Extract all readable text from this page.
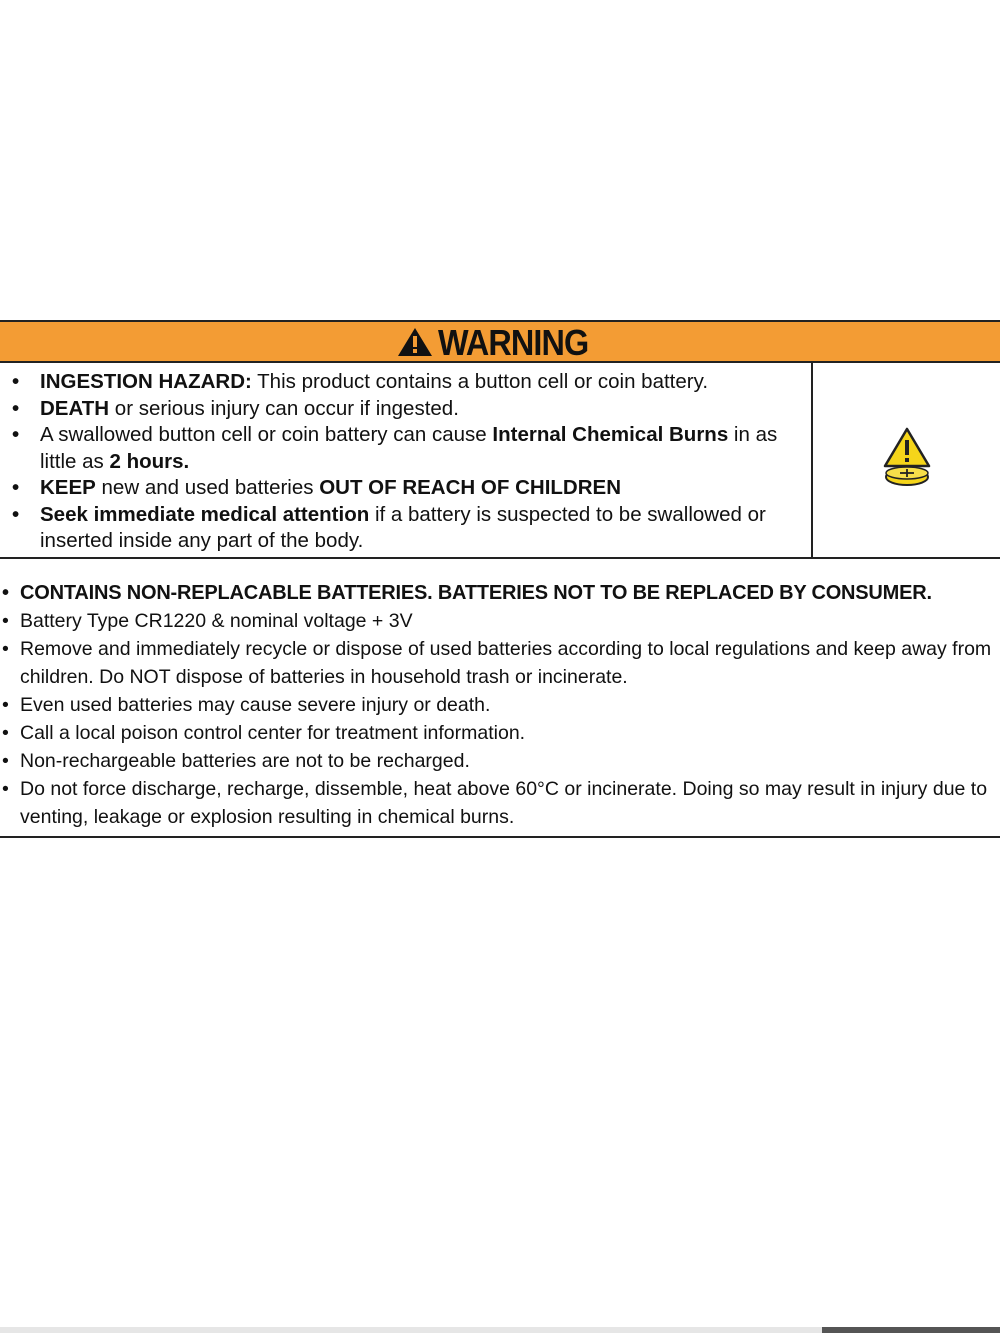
WARNING
• INGESTION HAZARD: This product contains a button cell or coin battery.
• DEATH or serious injury can occur if ingested.
• A swallowed button cell or coin battery can cause Internal Chemical Burns in as little as 2 hours.
• KEEP new and used batteries OUT OF REACH OF CHILDREN
• Seek immediate medical attention if a battery is suspected to be swallowed or inserted inside any part of the body.
• CONTAINS NON-REPLACABLE BATTERIES. BATTERIES NOT TO BE REPLACED BY CONSUMER.
• Battery Type CR1220 & nominal voltage + 3V
• Remove and immediately recycle or dispose of used batteries according to local regulations and keep away from children. Do NOT dispose of batteries in household trash or incinerate.
• Even used batteries may cause severe injury or death.
• Call a local poison control center for treatment information.
• Non-rechargeable batteries are not to be recharged.
• Do not force discharge, recharge, dissemble, heat above 60°C or incinerate. Doing so may result in injury due to venting, leakage or explosion resulting in chemical burns.
